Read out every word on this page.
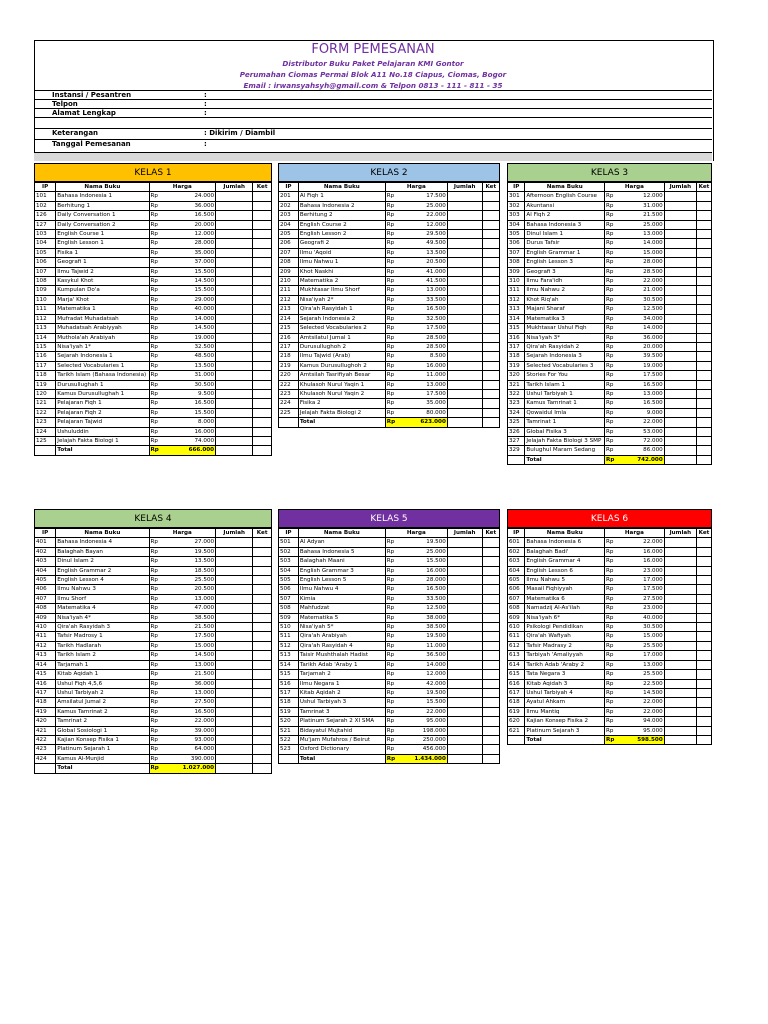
FORM PEMESANAN
Distributor Buku Paket Pelajaran KMI Gontor
Perumahan Ciomas Permai Blok A11 No.18 Ciapus, Ciomas, Bogor
Email : irwansyahsyh@gmail.com & Telpon 0813 - 111 - 811 - 35
Instansi / Pesantren	:
Telpon	:
Alamat Lengkap	:
Keterangan	: Dikirim / Diambil
Tanggal Pemesanan	:
KELAS 1
IP	Nama Buku	Harga		Jumlah	Ket
101	Bahasa Indonesia 1	Rp	24.000		
102	Berhitung 1	Rp	36.000		
126	Daily Conversation 1	Rp	16.500		
127	Daily Conversation 2	Rp	20.000		
103	English Course 1	Rp	12.000		
104	English Lesson 1	Rp	28.000		
105	Fisika 1	Rp	35.000		
106	Geografi 1	Rp	37.000		
107	Ilmu Tajwid 2	Rp	15.500		
108	Kasykul Khot	Rp	14.500		
109	Kumpulan Do'a	Rp	15.500		
110	Marja' Khot	Rp	29.000		
111	Matematika 1	Rp	40.000		
112	Mufradat Muhadatsah	Rp	14.000		
113	Muhadatsah Arabiyyah	Rp	14.500		
114	Muthola'ah Arabiyah	Rp	19.000		
115	Nisa'iyah 1*	Rp	32.500		
116	Sejarah Indonesia 1	Rp	48.500		
117	Selected Vocabularies 1	Rp	13.500		
118	Tarikh Islam (Bahasa Indonesia)	Rp	31.000		
119	Durusullughah 1	Rp	30.500		
120	Kamus Durusullughah 1	Rp	9.500		
121	Pelajaran Fiqh 1	Rp	16.500		
122	Pelajaran Fiqh 2	Rp	15.500		
123	Pelajaran Tajwid	Rp	8.000		
124	Ushuluddin	Rp	16.000		
125	Jelajah Fakta Biologi 1	Rp	74.000		
	Total	Rp	666.000		
KELAS 2
IP	Nama Buku	Harga		Jumlah	Ket
201	Al Fiqh 1	Rp	17.500		
202	Bahasa Indonesia 2	Rp	25.000		
203	Berhitung 2	Rp	22.000		
204	English Course 2	Rp	12.000		
205	English Lesson 2	Rp	29.500		
206	Geografi 2	Rp	49.500		
207	Ilmu 'Aqoid	Rp	13.500		
208	Ilmu Nahwu 1	Rp	20.500		
209	Khot Naskhi	Rp	41.000		
210	Matematika 2	Rp	41.500		
211	Mukhtasar Ilmu Shorf	Rp	13.000		
212	Nisa'iyah 2*	Rp	33.500		
213	Qira'ah Rasyidah 1	Rp	16.500		
214	Sejarah Indonesia 2	Rp	32.500		
215	Selected Vocabularies 2	Rp	17.500		
216	Amtsilatul Jumal 1	Rp	28.500		
217	Durusullughoh 2	Rp	28.500		
218	Ilmu Tajwid (Arab)	Rp	8.500		
219	Kamus Durusullughoh 2	Rp	16.000		
220	Amtsilah Tasrifiyah Besar	Rp	11.000		
222	Khulasoh Nurul Yaqin 1	Rp	13.000		
223	Khulasoh Nurul Yaqin 2	Rp	17.500		
224	Fisika 2	Rp	35.000		
225	Jelajah Fakta Biologi 2	Rp	80.000		
	Total	Rp	623.000		
KELAS 3
IP	Nama Buku	Harga		Jumlah	Ket
301	Afternoon English Course	Rp	12.000		
302	Akuntansi	Rp	31.000		
303	Al Fiqh 2	Rp	21.500		
304	Bahasa Indonesia 3	Rp	25.000		
305	Dinul Islam 1	Rp	13.000		
306	Durus Tafsir	Rp	14.000		
307	English Grammar 1	Rp	15.000		
308	English Lesson 3	Rp	28.000		
309	Geografi 3	Rp	28.500		
310	Ilmu Fara'idh	Rp	22.000		
311	Ilmu Nahwu 2	Rp	21.000		
312	Khot Riq'ah	Rp	30.500		
313	Majani Sharaf	Rp	12.500		
314	Matematika 3	Rp	34.000		
315	Mukhtasar Ushul Fiqh	Rp	14.000		
316	Nisa'iyah 3*	Rp	36.000		
317	Qira'ah Rasyidah 2	Rp	20.000		
318	Sejarah Indonesia 3	Rp	39.500		
319	Selected Vocabularies 3	Rp	19.000		
320	Stories For You	Rp	17.500		
321	Tarikh Islam 1	Rp	16.500		
322	Ushul Tarbiyah 1	Rp	13.000		
323	Kamus Tamrinat 1	Rp	16.500		
324	Qowaidul Imla	Rp	9.000		
325	Tamrinat 1	Rp	22.000		
326	Global Fisika 3	Rp	53.000		
327	Jelajah Fakta Biologi 3 SMP	Rp	72.000		
329	Bulughul Maram Sedang	Rp	86.000		
	Total	Rp	742.000		
KELAS 4
IP	Nama Buku	Harga		Jumlah	Ket
401	Bahasa Indonesia 4	Rp	27.000		
402	Balaghah Bayan	Rp	19.500		
403	Dinul Islam 2	Rp	13.500		
404	English Grammar 2	Rp	18.500		
405	English Lesson 4	Rp	25.500		
406	Ilmu Nahwu 3	Rp	20.500		
407	Ilmu Shorf	Rp	13.000		
408	Matematika 4	Rp	47.000		
409	Nisa'iyah 4*	Rp	38.500		
410	Qira'ah Rasyidah 3	Rp	21.500		
411	Tafsir Madrosy 1	Rp	17.500		
412	Tarikh Hadlarah	Rp	15.000		
413	Tarikh Islam 2	Rp	14.500		
414	Tarjamah 1	Rp	13.000		
415	Kitab Aqidah 1	Rp	21.500		
416	Ushul Fiqh 4,5,6	Rp	36.000		
417	Ushul Tarbiyah 2	Rp	13.000		
418	Amsilatul Jumal 2	Rp	27.500		
419	Kamus Tamrinat 2	Rp	16.500		
420	Tamrinat 2	Rp	22.000		
421	Global Sosiologi 1	Rp	39.000		
422	Kajian Konsep Fisika 1	Rp	93.000		
423	Platinum Sejarah 1	Rp	64.000		
424	Kamus Al-Munjid	Rp	390.000		
	Total	Rp	1.027.000		
KELAS 5
IP	Nama Buku	Harga		Jumlah	Ket
501	Al Adyan	Rp	19.500		
502	Bahasa Indonesia 5	Rp	25.000		
503	Balaghah Maani	Rp	15.500		
504	English Grammar 3	Rp	16.000		
505	English Lesson 5	Rp	28.000		
506	Ilmu Nahwu 4	Rp	16.500		
507	Kimia	Rp	33.500		
508	Mahfudzat	Rp	12.500		
509	Matematika 5	Rp	38.000		
510	Nisa'iyah 5*	Rp	38.500		
511	Qira'ah Arabiyah	Rp	19.500		
512	Qira'ah Rasyidah 4	Rp	11.000		
513	Taisir Mushthalah Hadist	Rp	36.500		
514	Tarikh Adab 'Araby 1	Rp	14.000		
515	Tarjamah 2	Rp	12.000		
516	Ilmu Negara 1	Rp	42.000		
517	Kitab Aqidah 2	Rp	19.500		
518	Ushul Tarbiyah 3	Rp	15.500		
519	Tamrinat 3	Rp	22.000		
520	Platinum Sejarah 2 XI SMA	Rp	95.000		
521	Bidayatul Mujtahid	Rp	198.000		
522	Mu'jam Mufahros / Beirut	Rp	250.000		
523	Oxford Dictionary	Rp	456.000		
	Total	Rp	1.434.000		
KELAS 6
IP	Nama Buku	Harga		Jumlah	Ket
601	Bahasa Indonesia 6	Rp	22.000		
602	Balaghah Badi'	Rp	16.000		
603	English Grammar 4	Rp	16.000		
604	English Lesson 6	Rp	23.000		
605	Ilmu Nahwu 5	Rp	17.000		
606	Masail Fiqhiyyah	Rp	17.500		
607	Matematika 6	Rp	27.500		
608	Namadzij Al-As'ilah	Rp	23.000		
609	Nisa'iyah 6*	Rp	40.000		
610	Psikologi Pendidikan	Rp	30.500		
611	Qira'ah Wafiyah	Rp	15.000		
612	Tafsir Madrasy 2	Rp	25.500		
613	Tarbiyah 'Amaliyyah	Rp	17.000		
614	Tarikh Adab 'Araby 2	Rp	13.000		
615	Tata Negara 3	Rp	25.500		
616	Kitab Aqidah 3	Rp	22.500		
617	Ushul Tarbiyah 4	Rp	14.500		
618	Ayatul Ahkam	Rp	22.000		
619	Ilmu Mantiq	Rp	22.000		
620	Kajian Konsep Fisika 2	Rp	94.000		
621	Platinum Sejarah 3	Rp	95.000		
	Total	Rp	598.500		
